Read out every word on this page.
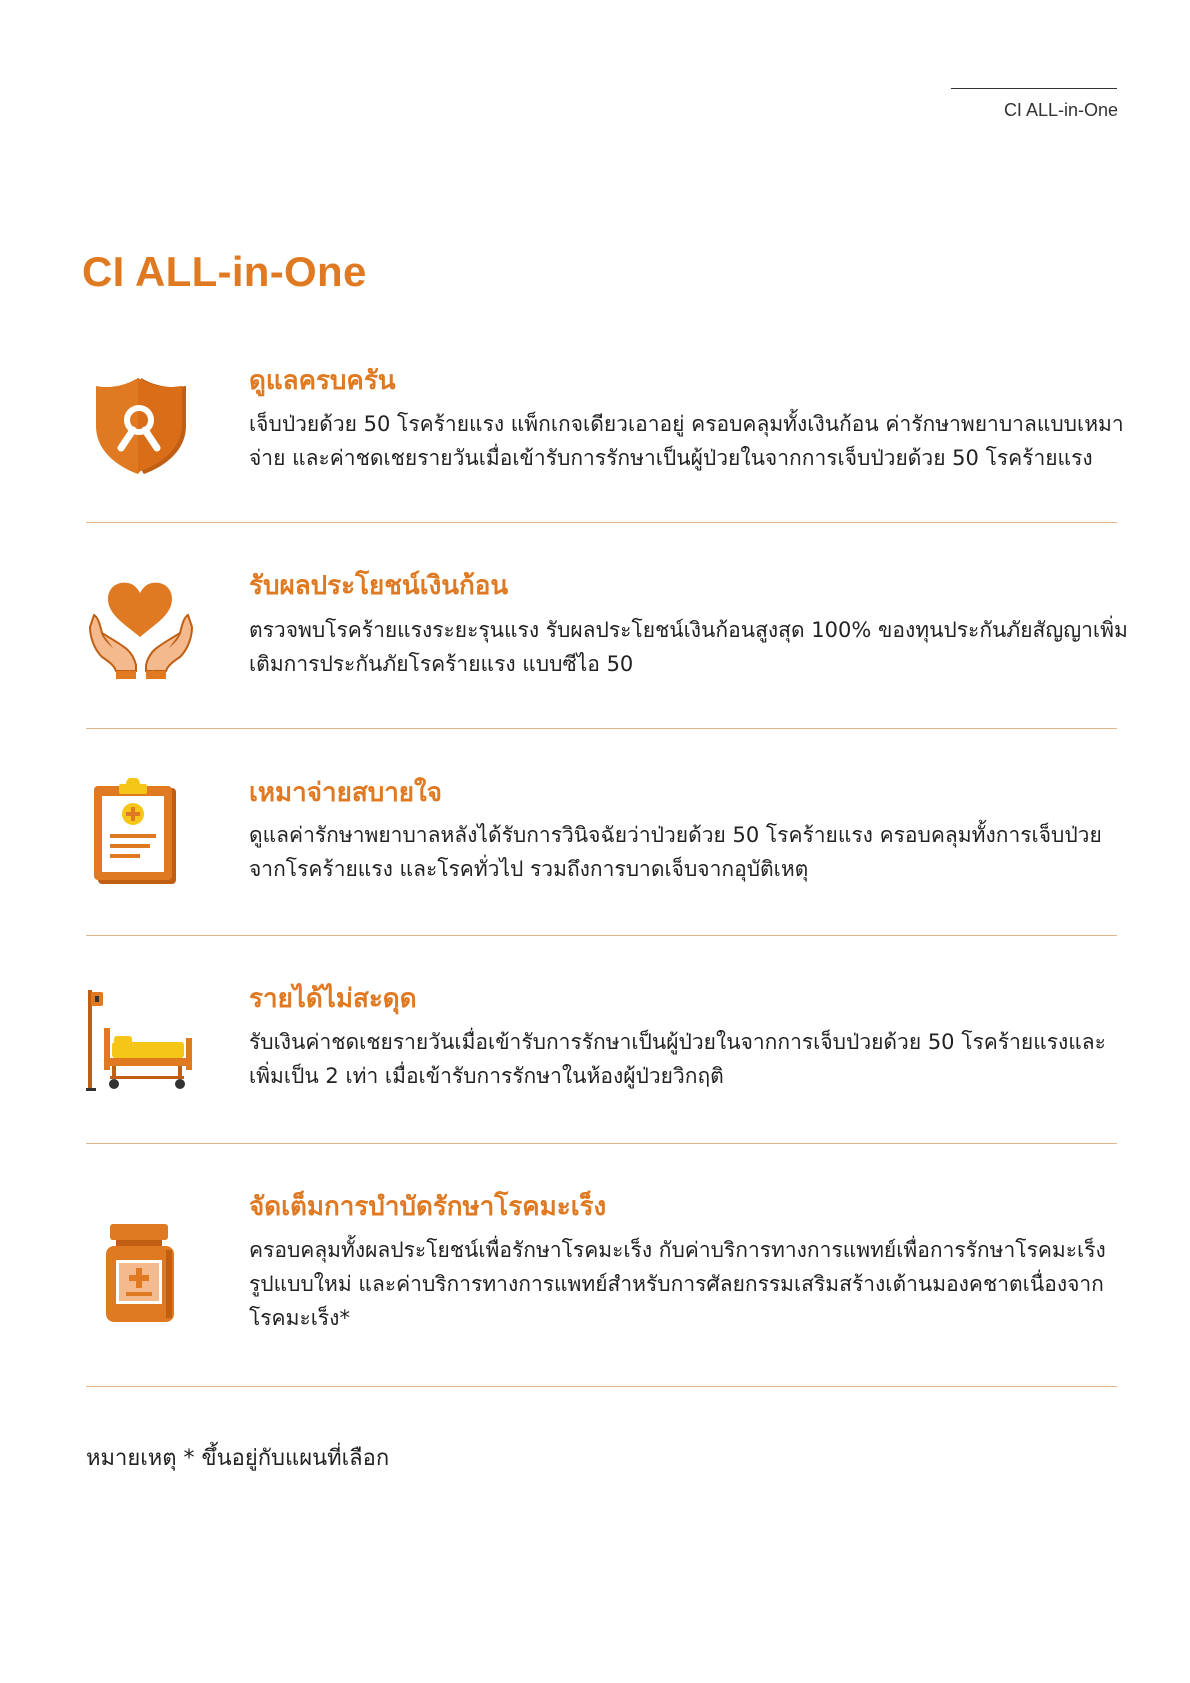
CI ALL-in-One
CI ALL-in-One
ดูแลครบครัน

เจ็บป่วยด้วย 50 โรคร้ายแรง แพ็กเกจเดียวเอาอยู่ ครอบคลุมทั้งเงินก้อน ค่ารักษาพยาบาลแบบเหมาจ่าย และค่าชดเชยรายวันเมื่อเข้ารับการรักษาเป็นผู้ป่วยในจากการเจ็บป่วยด้วย 50 โรคร้ายแรง

รับผลประโยชน์เงินก้อน

ตรวจพบโรคร้ายแรงระยะรุนแรง รับผลประโยชน์เงินก้อนสูงสุด 100% ของทุนประกันภัยสัญญาเพิ่มเติมการประกันภัยโรคร้ายแรง แบบซีไอ 50

เหมาจ่ายสบายใจ

ดูแลค่ารักษาพยาบาลหลังได้รับการวินิจฉัยว่าป่วยด้วย 50 โรคร้ายแรง ครอบคลุมทั้งการเจ็บป่วยจากโรคร้ายแรง และโรคทั่วไป รวมถึงการบาดเจ็บจากอุบัติเหตุ

รายได้ไม่สะดุด

รับเงินค่าชดเชยรายวันเมื่อเข้ารับการรักษาเป็นผู้ป่วยในจากการเจ็บป่วยด้วย 50 โรคร้ายแรงและเพิ่มเป็น 2 เท่า เมื่อเข้ารับการรักษาในห้องผู้ป่วยวิกฤติ

จัดเต็มการบำบัดรักษาโรคมะเร็ง

ครอบคลุมทั้งผลประโยชน์เพื่อรักษาโรคมะเร็ง กับค่าบริการทางการแพทย์เพื่อการรักษาโรคมะเร็งรูปแบบใหม่ และค่าบริการทางการแพทย์สำหรับการศัลยกรรมเสริมสร้างเต้านมองคชาตเนื่องจากโรคมะเร็ง*

หมายเหตุ * ขึ้นอยู่กับแผนที่เลือก
